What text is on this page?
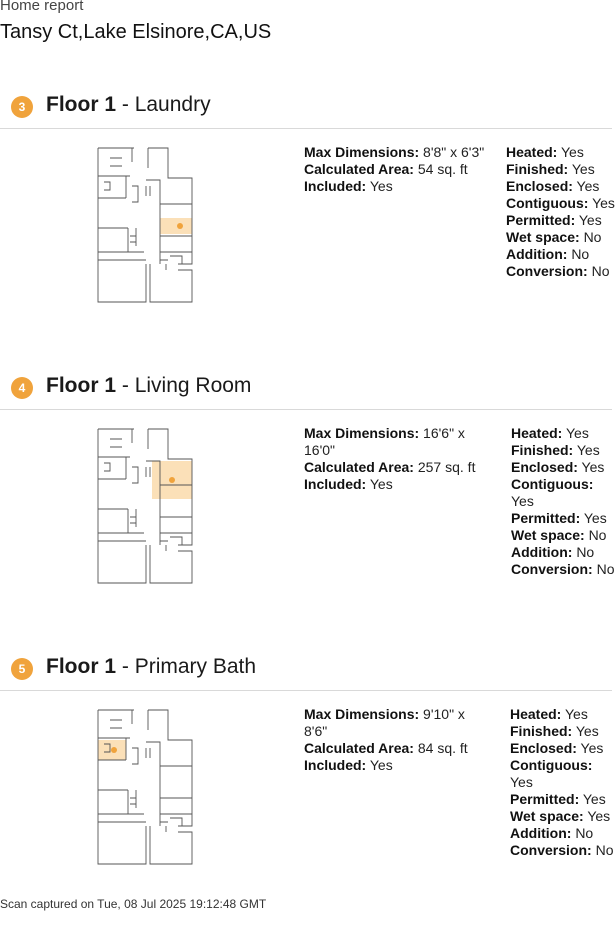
Home report
Tansy Ct,Lake Elsinore,CA,US
3 Floor 1 - Laundry
Max Dimensions: 8'8" x 6'3"
Calculated Area: 54 sq. ft
Included: Yes
Heated: Yes
Finished: Yes
Enclosed: Yes
Contiguous: Yes
Permitted: Yes
Wet space: No
Addition: No
Conversion: No
4 Floor 1 - Living Room
Max Dimensions: 16'6" x
16'0"
Calculated Area: 257 sq. ft
Included: Yes
Heated: Yes
Finished: Yes
Enclosed: Yes
Contiguous:
Yes
Permitted: Yes
Wet space: No
Addition: No
Conversion: No
5 Floor 1 - Primary Bath
Max Dimensions: 9'10" x
8'6"
Calculated Area: 84 sq. ft
Included: Yes
Heated: Yes
Finished: Yes
Enclosed: Yes
Contiguous:
Yes
Permitted: Yes
Wet space: Yes
Addition: No
Conversion: No
Scan captured on Tue, 08 Jul 2025 19:12:48 GMT
